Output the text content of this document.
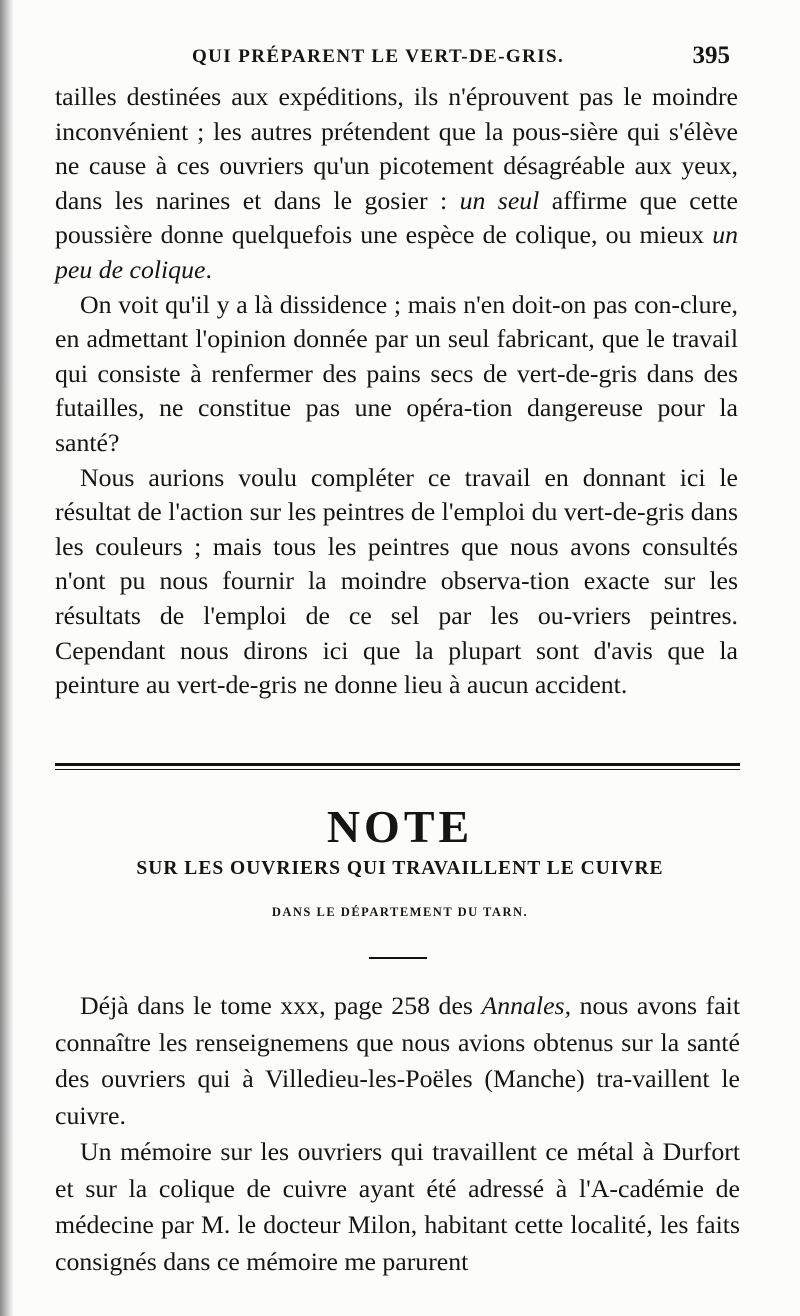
QUI PRÉPARENT LE VERT-DE-GRIS.	395

tailles destinées aux expéditions, ils n'éprouvent pas le moindre inconvénient ; les autres prétendent que la pous-sière qui s'élève ne cause à ces ouvriers qu'un picotement désagréable aux yeux, dans les narines et dans le gosier : un seul affirme que cette poussière donne quelquefois une espèce de colique, ou mieux un peu de colique.

On voit qu'il y a là dissidence ; mais n'en doit-on pas con-clure, en admettant l'opinion donnée par un seul fabricant, que le travail qui consiste à renfermer des pains secs de vert-de-gris dans des futailles, ne constitue pas une opéra-tion dangereuse pour la santé?

Nous aurions voulu compléter ce travail en donnant ici le résultat de l'action sur les peintres de l'emploi du vert-de-gris dans les couleurs ; mais tous les peintres que nous avons consultés n'ont pu nous fournir la moindre observa-tion exacte sur les résultats de l'emploi de ce sel par les ou-vriers peintres. Cependant nous dirons ici que la plupart sont d'avis que la peinture au vert-de-gris ne donne lieu à aucun accident.

NOTE
SUR LES OUVRIERS QUI TRAVAILLENT LE CUIVRE
DANS LE DÉPARTEMENT DU TARN.

Déjà dans le tome xxx, page 258 des Annales, nous avons fait connaître les renseignemens que nous avions obtenus sur la santé des ouvriers qui à Villedieu-les-Poëles (Manche) tra-vaillent le cuivre.

Un mémoire sur les ouvriers qui travaillent ce métal à Durfort et sur la colique de cuivre ayant été adressé à l'A-cadémie de médecine par M. le docteur Milon, habitant cette localité, les faits consignés dans ce mémoire me parurent
